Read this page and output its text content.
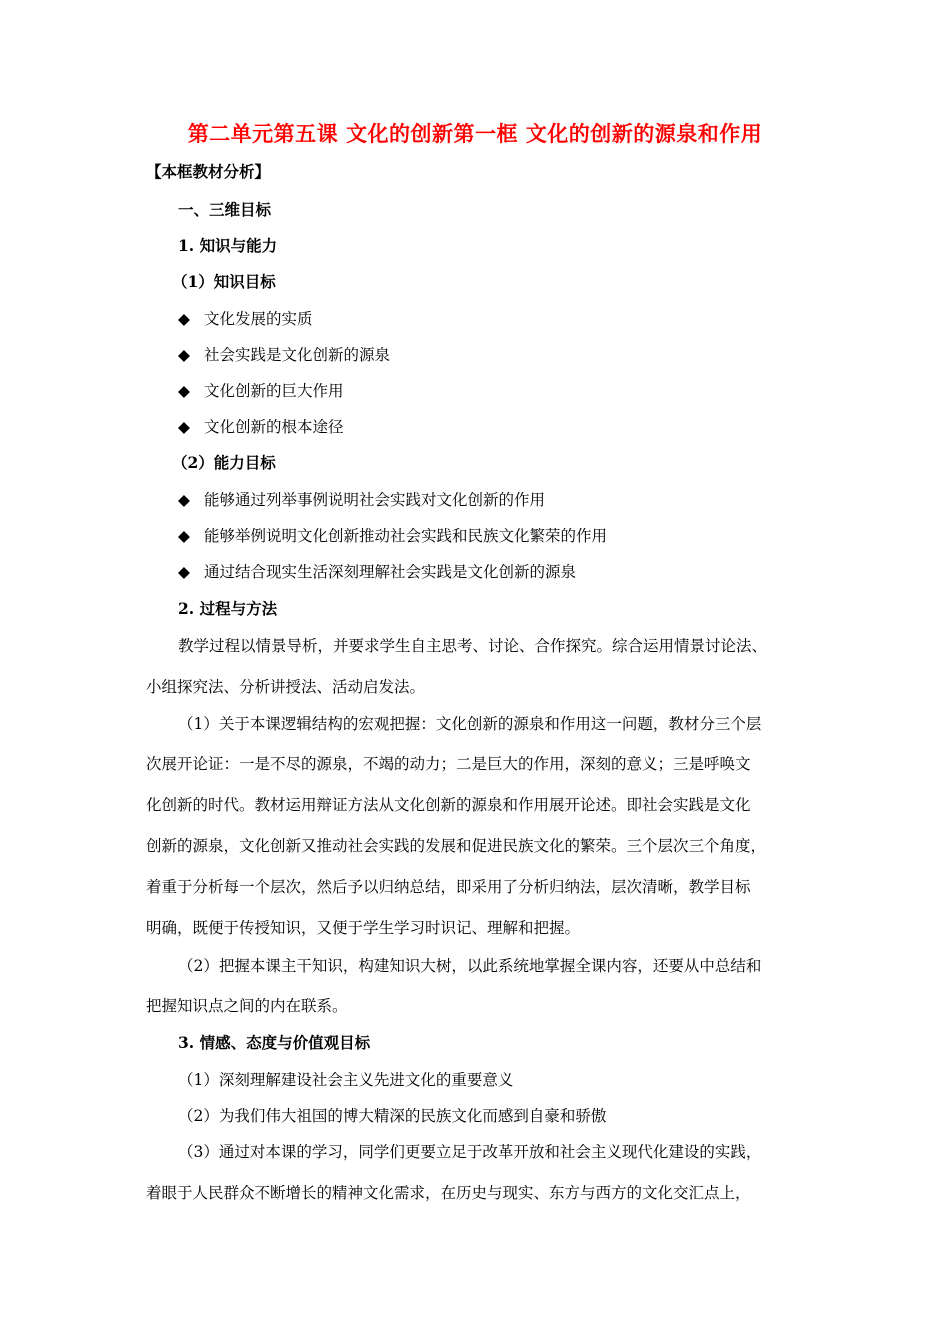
第二单元第五课 文化的创新第一框 文化的创新的源泉和作用
【本框教材分析】
一、三维目标
1. 知识与能力
（1）知识目标
◆ 文化发展的实质
◆ 社会实践是文化创新的源泉
◆ 文化创新的巨大作用
◆ 文化创新的根本途径
（2）能力目标
◆ 能够通过列举事例说明社会实践对文化创新的作用
◆ 能够举例说明文化创新推动社会实践和民族文化繁荣的作用
◆ 通过结合现实生活深刻理解社会实践是文化创新的源泉
2. 过程与方法
教学过程以情景导析，并要求学生自主思考、讨论、合作探究。综合运用情景讨论法、
小组探究法、分析讲授法、活动启发法。
（1）关于本课逻辑结构的宏观把握：文化创新的源泉和作用这一问题，教材分三个层
次展开论证：一是不尽的源泉，不竭的动力；二是巨大的作用，深刻的意义；三是呼唤文
化创新的时代。教材运用辩证方法从文化创新的源泉和作用展开论述。即社会实践是文化
创新的源泉，文化创新又推动社会实践的发展和促进民族文化的繁荣。三个层次三个角度，
着重于分析每一个层次，然后予以归纳总结，即采用了分析归纳法，层次清晰，教学目标
明确，既便于传授知识，又便于学生学习时识记、理解和把握。
（2）把握本课主干知识，构建知识大树，以此系统地掌握全课内容，还要从中总结和
把握知识点之间的内在联系。
3. 情感、态度与价值观目标
（1）深刻理解建设社会主义先进文化的重要意义
（2）为我们伟大祖国的博大精深的民族文化而感到自豪和骄傲
（3）通过对本课的学习，同学们更要立足于改革开放和社会主义现代化建设的实践，
着眼于人民群众不断增长的精神文化需求，在历史与现实、东方与西方的文化交汇点上，
